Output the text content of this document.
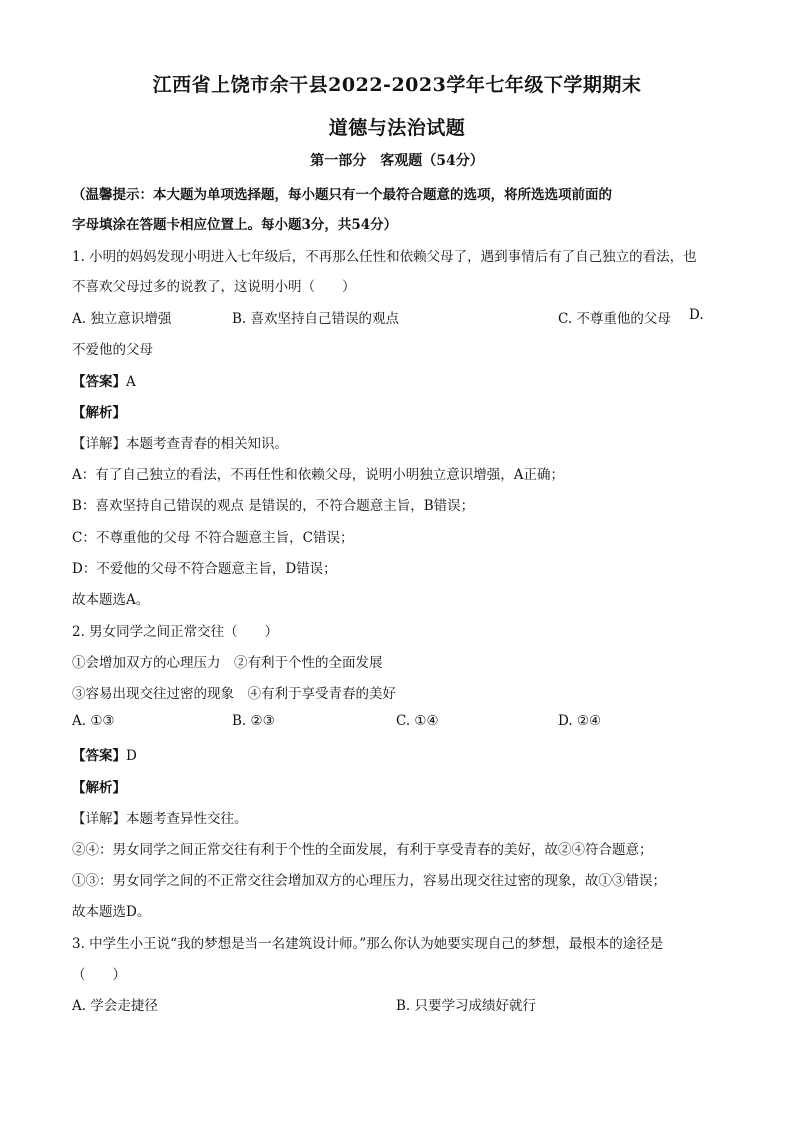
江西省上饶市余干县2022-2023学年七年级下学期期末
道德与法治试题
第一部分　客观题（54分）
（温馨提示：本大题为单项选择题，每小题只有一个最符合题意的选项，将所选选项前面的
字母填涂在答题卡相应位置上。每小题3分，共54分）
1. 小明的妈妈发现小明进入七年级后，不再那么任性和依赖父母了，遇到事情后有了自己独立的看法，也
不喜欢父母过多的说教了，这说明小明（　　）
A. 独立意识增强	B. 喜欢坚持自己错误的观点	C. 不尊重他的父母 D.
不爱他的父母
【答案】A
【解析】
【详解】本题考查青春的相关知识。
A：有了自己独立的看法，不再任性和依赖父母，说明小明独立意识增强，A正确；
B：喜欢坚持自己错误的观点 是错误的，不符合题意主旨，B错误；
C：不尊重他的父母 不符合题意主旨，C错误；
D：不爱他的父母不符合题意主旨，D错误；
故本题选A。
2. 男女同学之间正常交往（　　）
①会增加双方的心理压力　②有利于个性的全面发展
③容易出现交往过密的现象　④有利于享受青春的美好
A. ①③	B. ②③	C. ①④	D. ②④
【答案】D
【解析】
【详解】本题考查异性交往。
②④：男女同学之间正常交往有利于个性的全面发展，有利于享受青春的美好，故②④符合题意；
①③：男女同学之间的不正常交往会增加双方的心理压力，容易出现交往过密的现象，故①③错误；
故本题选D。
3. 中学生小王说“我的梦想是当一名建筑设计师。”那么你认为她要实现自己的梦想，最根本的途径是
（　　）
A. 学会走捷径	B. 只要学习成绩好就行
